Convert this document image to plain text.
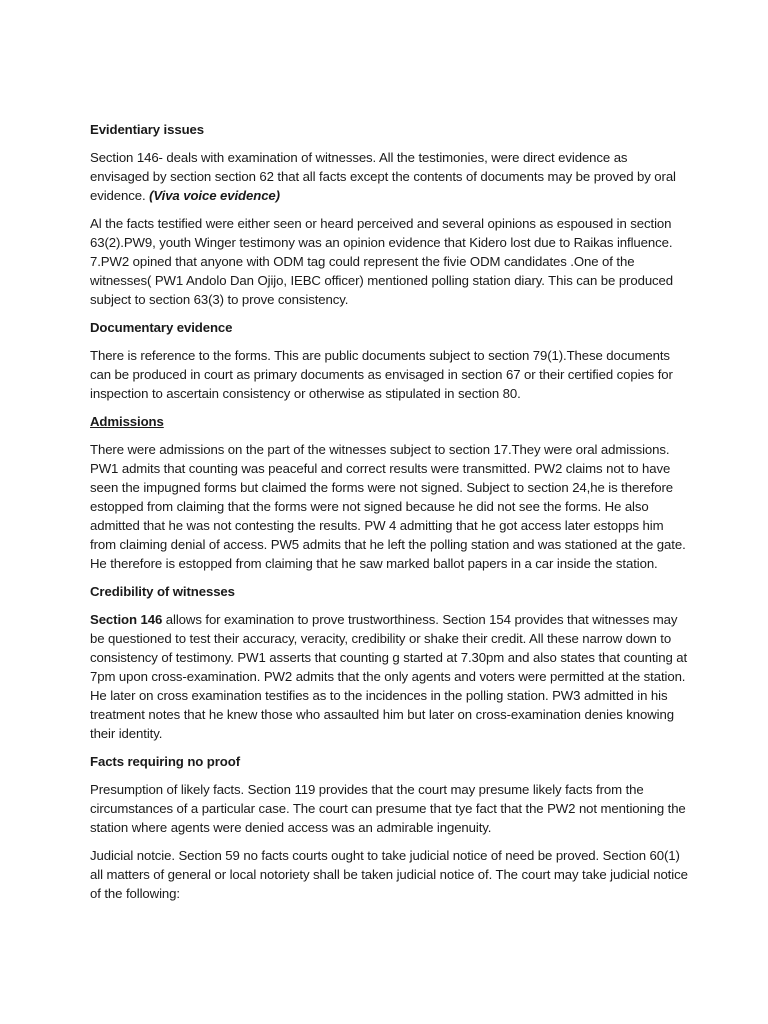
Evidentiary issues
Section 146- deals with examination of witnesses. All the testimonies, were direct evidence as envisaged by section section 62 that all facts except the contents of documents may be proved by oral evidence. (Viva voice evidence)
Al the facts testified were either seen or heard perceived and several opinions as espoused in section 63(2).PW9, youth Winger testimony was an opinion evidence that Kidero lost due to Raikas influence. 7.PW2 opined that anyone with ODM tag could represent the fivie ODM candidates .One of the witnesses( PW1 Andolo Dan Ojijo, IEBC officer) mentioned polling station diary. This can be produced subject to section 63(3) to prove consistency.
Documentary evidence
There is reference to the forms. This are public documents subject to section 79(1).These documents can be produced in court as primary documents as envisaged in section 67 or their certified copies for inspection to ascertain consistency or otherwise as stipulated in section 80.
Admissions
There were admissions on the part of the witnesses subject to section 17.They were oral admissions. PW1 admits that counting was peaceful and correct results were transmitted. PW2 claims not to have seen the impugned forms but claimed the forms were not signed. Subject to section 24,he is therefore estopped from claiming that the forms were not signed because he did not see the forms. He also admitted that he was not contesting the results. PW 4 admitting that he got access later estopps him from claiming denial of access. PW5 admits that he left the polling station and was stationed at the gate. He therefore is estopped from claiming that he saw marked ballot papers in a car inside the station.
Credibility of witnesses
Section 146 allows for examination to prove trustworthiness. Section 154 provides that witnesses may be questioned to test their accuracy, veracity, credibility or shake their credit. All these narrow down to consistency of testimony. PW1 asserts that counting g started at 7.30pm and also states that counting at 7pm upon cross-examination. PW2 admits that the only agents and voters were permitted at the station. He later on cross examination testifies as to the incidences in the polling station. PW3 admitted in his treatment notes that he knew those who assaulted him but later on cross-examination denies knowing their identity.
Facts requiring no proof
Presumption of likely facts. Section 119 provides that the court may presume likely facts from the circumstances of a particular case. The court can presume that tye fact that the PW2 not mentioning the station where agents were denied access was an admirable ingenuity.
Judicial notcie. Section 59 no facts courts ought to take judicial notice of need be proved. Section 60(1) all matters of general or local notoriety shall be taken judicial notice of. The court may take judicial notice of the following:
